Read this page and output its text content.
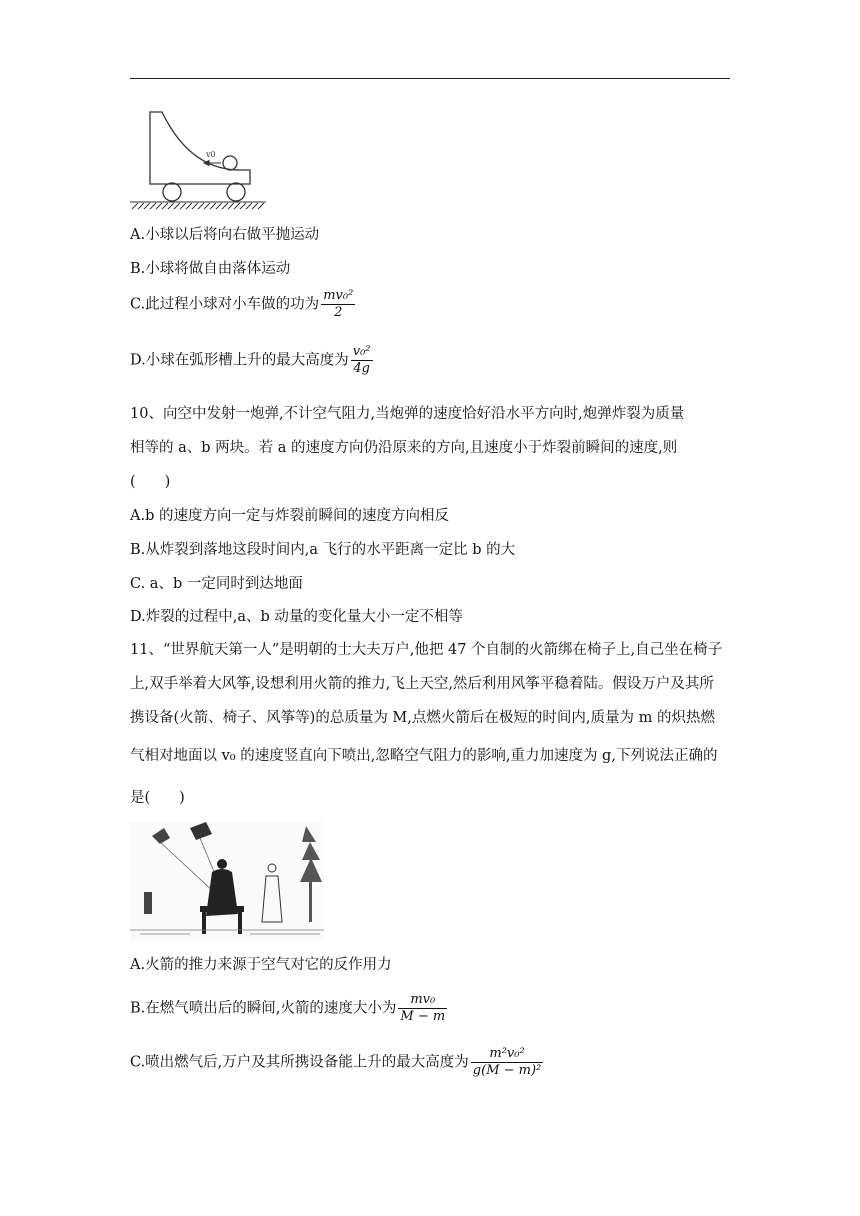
v0
A.小球以后将向右做平抛运动
B.小球将做自由落体运动
C.此过程小球对小车做的功为 $\frac{\text{mv₀²}}{2}$
D.小球在弧形槽上升的最大高度为 $\frac{\text{v₀²}}{4g}$
10、向空中发射一炮弹,不计空气阻力,当炮弹的速度恰好沿水平方向时,炮弹炸裂为质量
相等的 a、b 两块。若 a 的速度方向仍沿原来的方向,且速度小于炸裂前瞬间的速度,则
(　　)
A.b 的速度方向一定与炸裂前瞬间的速度方向相反
B.从炸裂到落地这段时间内,a 飞行的水平距离一定比 b 的大
C. a、b 一定同时到达地面
D.炸裂的过程中,a、b 动量的变化量大小一定不相等
11、“世界航天第一人”是明朝的士大夫万户,他把 47 个自制的火箭绑在椅子上,自己坐在椅子
上,双手举着大风筝,设想利用火箭的推力,飞上天空,然后利用风筝平稳着陆。假设万户及其所
携设备(火箭、椅子、风筝等)的总质量为 M,点燃火箭后在极短的时间内,质量为 m 的炽热燃
气相对地面以 v₀ 的速度竖直向下喷出,忽略空气阻力的影响,重力加速度为 g,下列说法正确的
是(　　)
A.火箭的推力来源于空气对它的反作用力
B.在燃气喷出后的瞬间,火箭的速度大小为 $\frac{\text{mv₀}}{M - m}$
C.喷出燃气后,万户及其所携设备能上升的最大高度为 $\frac{\text{m²v₀²}}{\text{g(M − m)²}}$
